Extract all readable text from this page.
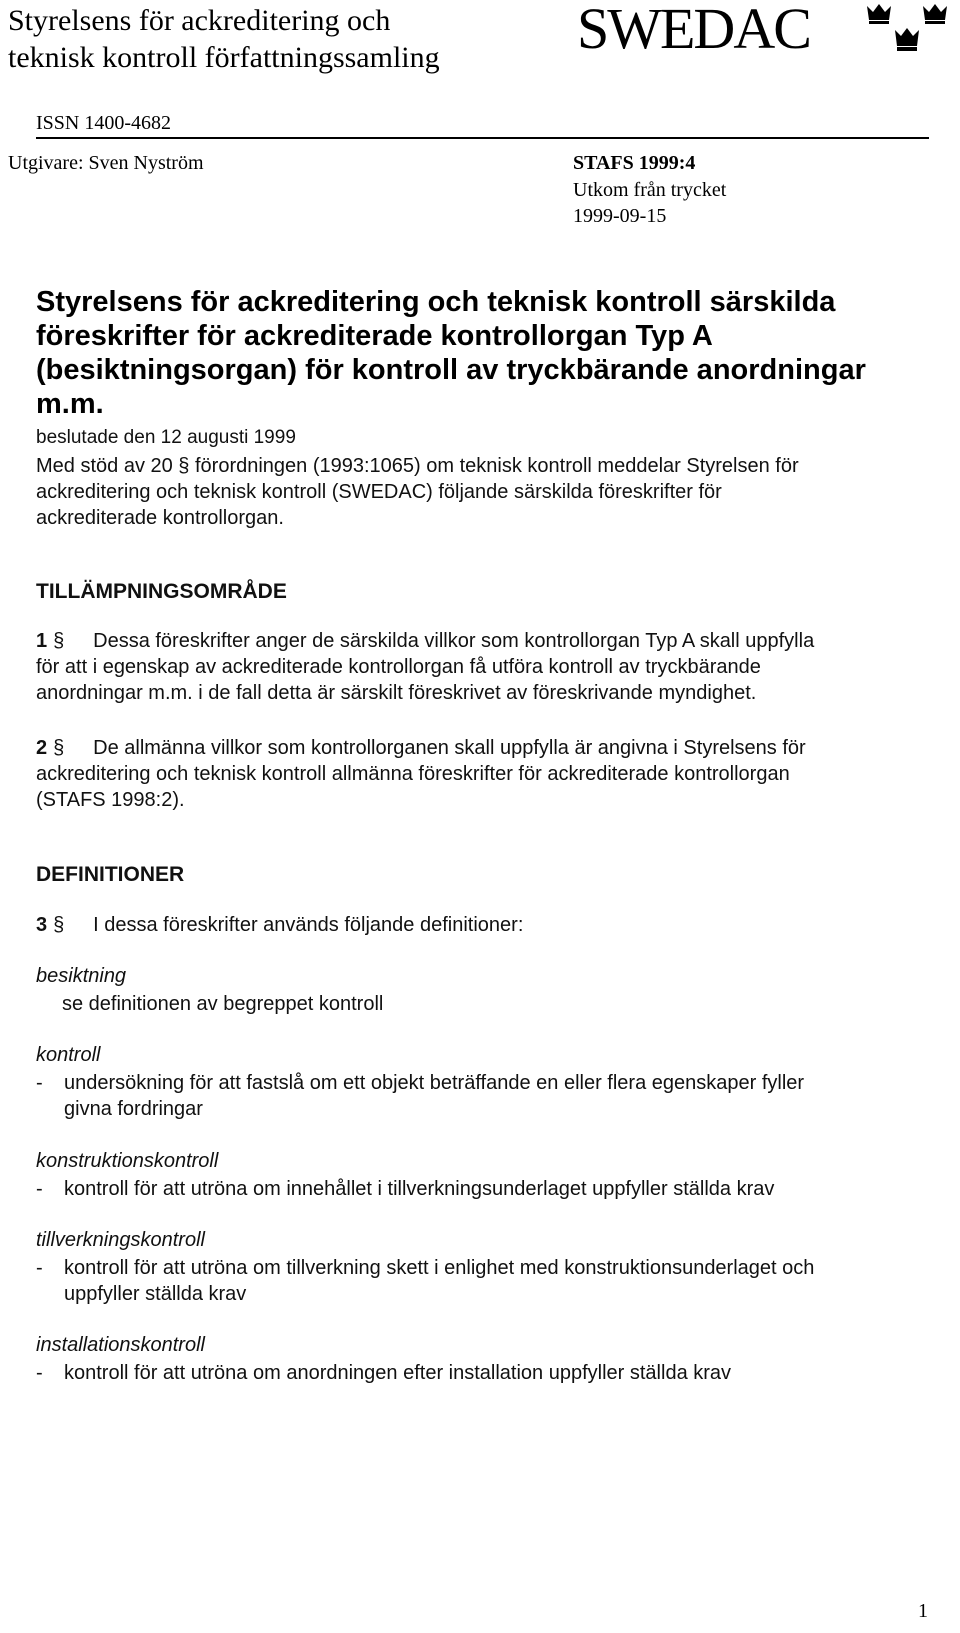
Styrelsens för ackreditering och
teknisk kontroll författningssamling SWEDAC
ISSN 1400-4682
Utgivare: Sven Nyström	STAFS 1999:4
Utkom från trycket
1999-09-15
Styrelsens för ackreditering och teknisk kontroll särskilda
föreskrifter för ackrediterade kontrollorgan Typ A
(besiktningsorgan) för kontroll av tryckbärande anordningar m.m.
beslutade den 12 augusti 1999
Med stöd av 20 § förordningen (1993:1065) om teknisk kontroll meddelar Styrelsen för
ackreditering och teknisk kontroll (SWEDAC) följande särskilda föreskrifter för
ackrediterade kontrollorgan.
TILLÄMPNINGSOMRÅDE
1 § Dessa föreskrifter anger de särskilda villkor som kontrollorgan Typ A skall uppfylla
för att i egenskap av ackrediterade kontrollorgan få utföra kontroll av tryckbärande
anordningar m.m. i de fall detta är särskilt föreskrivet av föreskrivande myndighet.
2 § De allmänna villkor som kontrollorganen skall uppfylla är angivna i Styrelsens för
ackreditering och teknisk kontroll allmänna föreskrifter för ackrediterade kontrollorgan
(STAFS 1998:2).
DEFINITIONER
3 § I dessa föreskrifter används följande definitioner:
besiktning
se definitionen av begreppet kontroll
kontroll
- undersökning för att fastslå om ett objekt beträffande en eller flera egenskaper fyller
givna fordringar
konstruktionskontroll
- kontroll för att utröna om innehållet i tillverkningsunderlaget uppfyller ställda krav
tillverkningskontroll
- kontroll för att utröna om tillverkning skett i enlighet med konstruktionsunderlaget och
uppfyller ställda krav
installationskontroll
- kontroll för att utröna om anordningen efter installation uppfyller ställda krav
1
